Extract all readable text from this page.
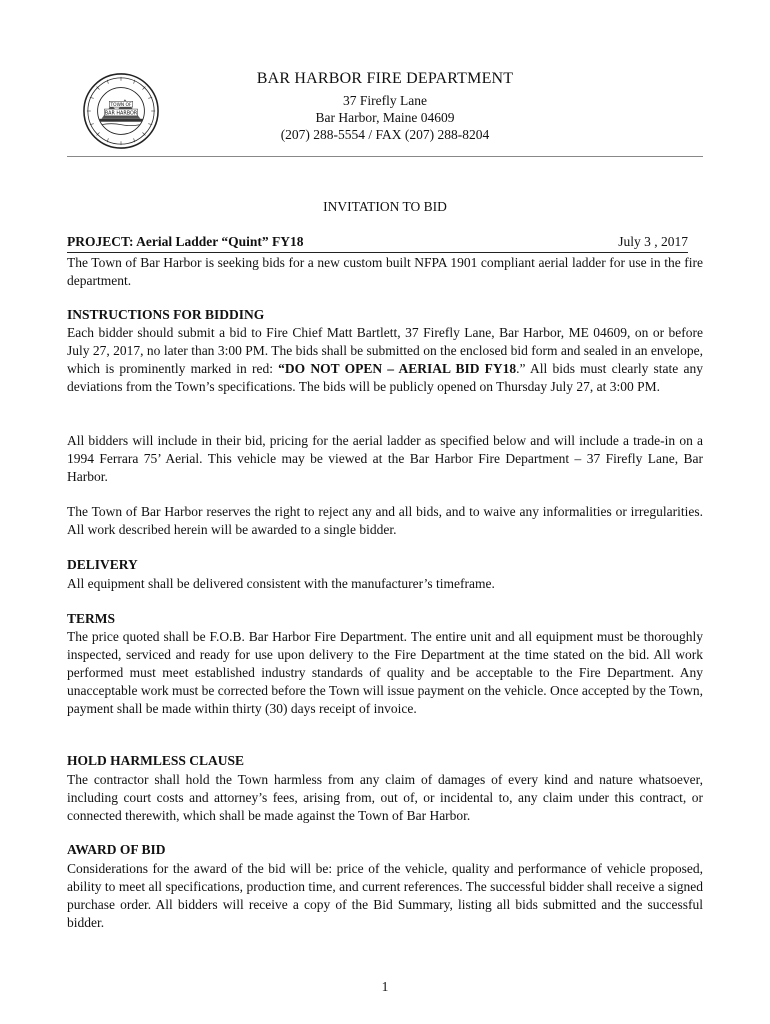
TOWN OF
BAR HARBOR
BAR HARBOR FIRE DEPARTMENT
37 Firefly Lane
Bar Harbor, Maine 04609
(207) 288-5554 / FAX (207) 288-8204
INVITATION TO BID
PROJECT: Aerial Ladder “Quint” FY18	July 3 , 2017
The Town of Bar Harbor is seeking bids for a new custom built NFPA 1901 compliant aerial ladder for use in the fire department.
INSTRUCTIONS FOR BIDDING
Each bidder should submit a bid to Fire Chief Matt Bartlett, 37 Firefly Lane, Bar Harbor, ME 04609, on or before July 27, 2017, no later than 3:00 PM. The bids shall be submitted on the enclosed bid form and sealed in an envelope, which is prominently marked in red: “DO NOT OPEN – AERIAL BID FY18.” All bids must clearly state any deviations from the Town’s specifications. The bids will be publicly opened on Thursday July 27, at 3:00 PM.
All bidders will include in their bid, pricing for the aerial ladder as specified below and will include a trade-in on a 1994 Ferrara 75’ Aerial. This vehicle may be viewed at the Bar Harbor Fire Department – 37 Firefly Lane, Bar Harbor.
The Town of Bar Harbor reserves the right to reject any and all bids, and to waive any informalities or irregularities. All work described herein will be awarded to a single bidder.
DELIVERY
All equipment shall be delivered consistent with the manufacturer’s timeframe.
TERMS
The price quoted shall be F.O.B. Bar Harbor Fire Department. The entire unit and all equipment must be thoroughly inspected, serviced and ready for use upon delivery to the Fire Department at the time stated on the bid. All work performed must meet established industry standards of quality and be acceptable to the Fire Department. Any unacceptable work must be corrected before the Town will issue payment on the vehicle. Once accepted by the Town, payment shall be made within thirty (30) days receipt of invoice.
HOLD HARMLESS CLAUSE
The contractor shall hold the Town harmless from any claim of damages of every kind and nature whatsoever, including court costs and attorney’s fees, arising from, out of, or incidental to, any claim under this contract, or connected therewith, which shall be made against the Town of Bar Harbor.
AWARD OF BID
Considerations for the award of the bid will be: price of the vehicle, quality and performance of vehicle proposed, ability to meet all specifications, production time, and current references. The successful bidder shall receive a signed purchase order. All bidders will receive a copy of the Bid Summary, listing all bids submitted and the successful bidder.
1
